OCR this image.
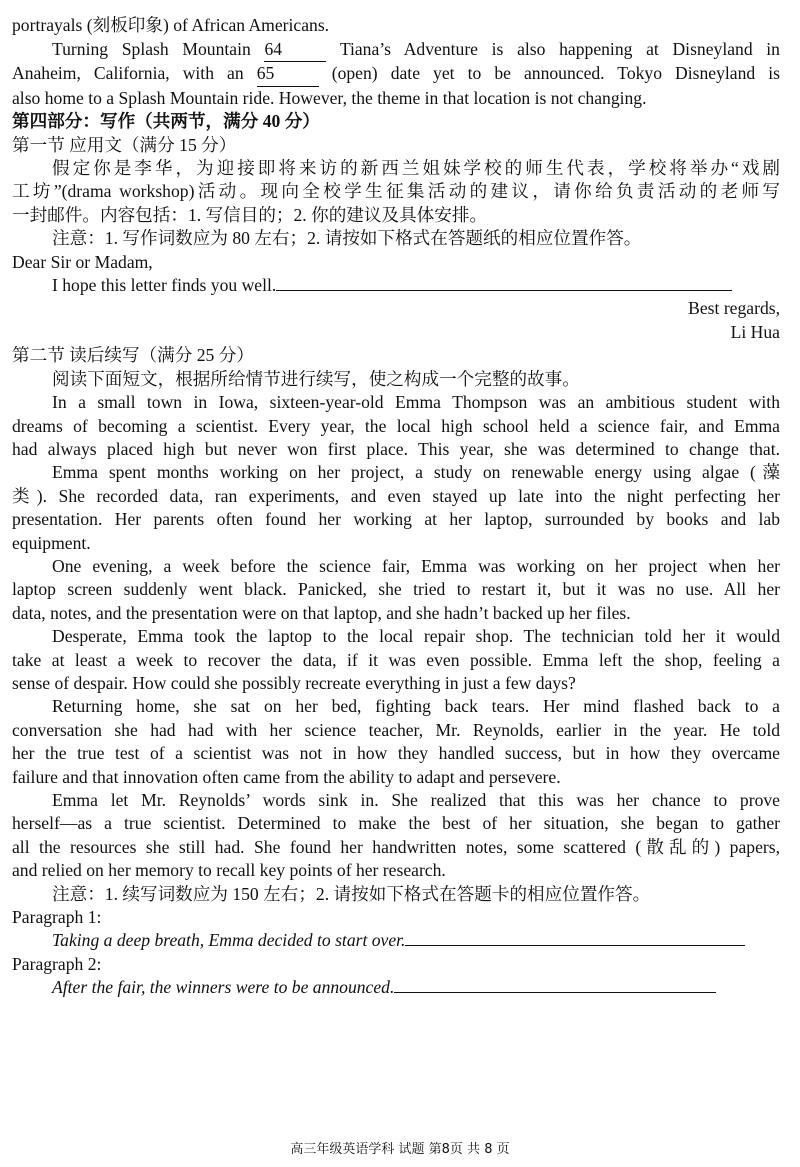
portrayals (刻板印象) of African Americans.
Turning Splash Mountain 64	Tiana’s Adventure is also happening at Disneyland in
Anaheim, California, with an 65	(open) date yet to be announced. Tokyo Disneyland is
also home to a Splash Mountain ride. However, the theme in that location is not changing.
第四部分：写作（共两节，满分 40 分）
第一节 应用文（满分 15 分）
假定你是李华，为迎接即将来访的新西兰姐妹学校的师生代表，学校将举办“戏剧
工坊”(drama workshop)活动。现向全校学生征集活动的建议，请你给负责活动的老师写
一封邮件。内容包括：1. 写信目的；2. 你的建议及具体安排。
注意：1. 写作词数应为 80 左右；2. 请按如下格式在答题纸的相应位置作答。
Dear Sir or Madam,
I hope this letter finds you well.
Best regards,
Li Hua
第二节 读后续写（满分 25 分）
阅读下面短文，根据所给情节进行续写，使之构成一个完整的故事。
In a small town in Iowa, sixteen-year-old Emma Thompson was an ambitious student with
dreams of becoming a scientist. Every year, the local high school held a science fair, and Emma
had always placed high but never won first place. This year, she was determined to change that.
Emma spent months working on her project, a study on renewable energy using algae (藻
类). She recorded data, ran experiments, and even stayed up late into the night perfecting her
presentation. Her parents often found her working at her laptop, surrounded by books and lab
equipment.
One evening, a week before the science fair, Emma was working on her project when her
laptop screen suddenly went black. Panicked, she tried to restart it, but it was no use. All her
data, notes, and the presentation were on that laptop, and she hadn’t backed up her files.
Desperate, Emma took the laptop to the local repair shop. The technician told her it would
take at least a week to recover the data, if it was even possible. Emma left the shop, feeling a
sense of despair. How could she possibly recreate everything in just a few days?
Returning home, she sat on her bed, fighting back tears. Her mind flashed back to a
conversation she had had with her science teacher, Mr. Reynolds, earlier in the year. He told
her the true test of a scientist was not in how they handled success, but in how they overcame
failure and that innovation often came from the ability to adapt and persevere.
Emma let Mr. Reynolds’ words sink in. She realized that this was her chance to prove
herself—as a true scientist. Determined to make the best of her situation, she began to gather
all the resources she still had. She found her handwritten notes, some scattered (散乱的) papers,
and relied on her memory to recall key points of her research.
注意：1. 续写词数应为 150 左右；2. 请按如下格式在答题卡的相应位置作答。
Paragraph 1:
Taking a deep breath, Emma decided to start over.
Paragraph 2:
After the fair, the winners were to be announced.
高三年级英语学科 试题 第8页 共 8 页
